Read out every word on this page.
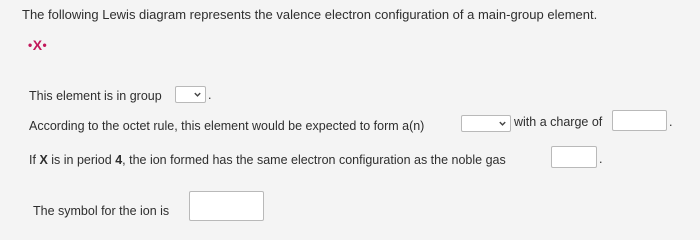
The following Lewis diagram represents the valence electron configuration of a main-group element.
•X•
This element is in group	.
According to the octet rule, this element would be expected to form a(n)	with a charge of	.
If X is in period 4, the ion formed has the same electron configuration as the noble gas	.
The symbol for the ion is
